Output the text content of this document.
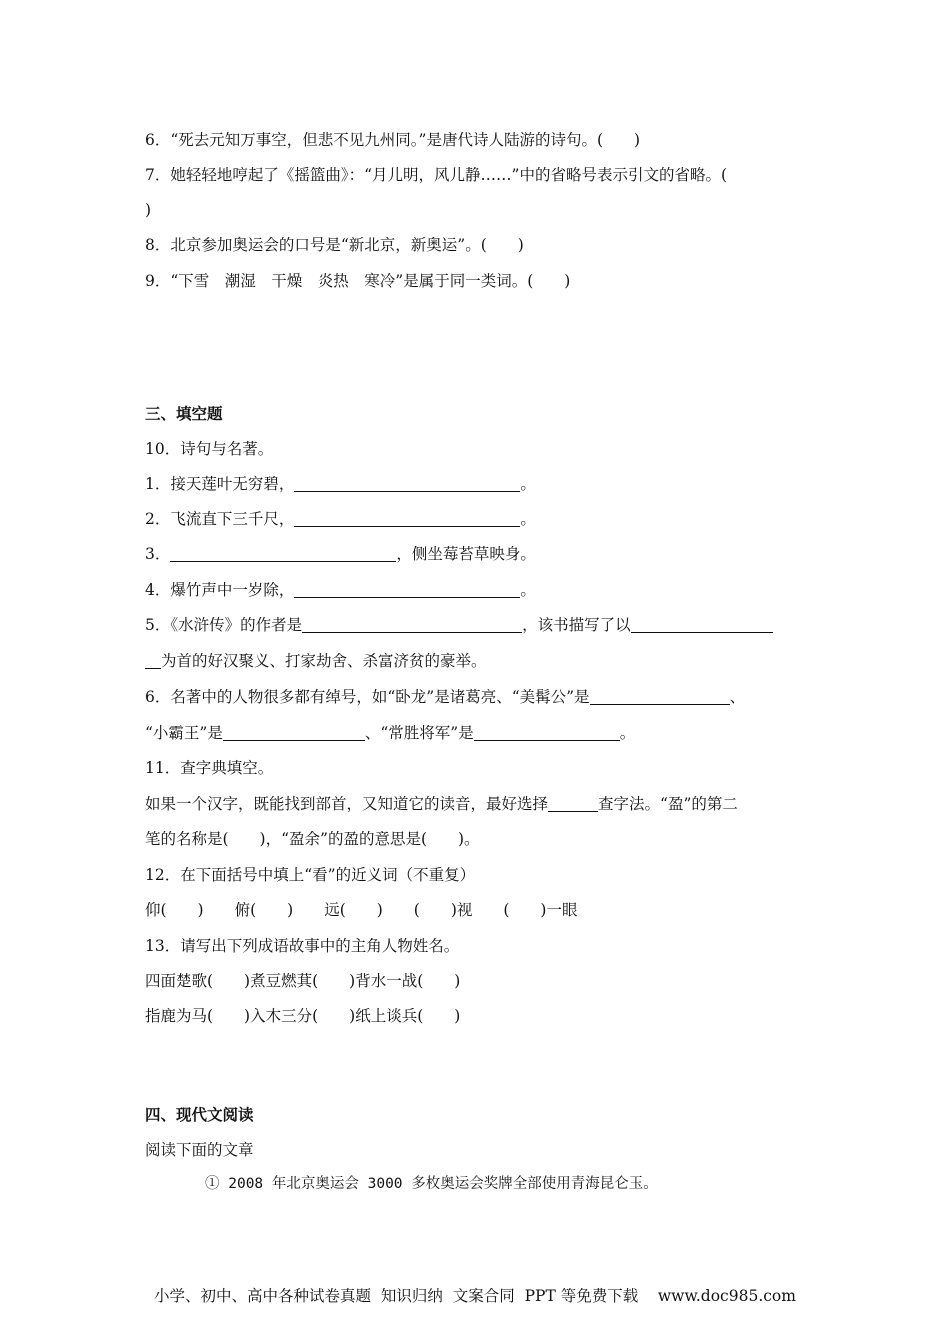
6．“死去元知万事空，但悲不见九州同。”是唐代诗人陆游的诗句。(　　)
7．她轻轻地哼起了《摇篮曲》：“月儿明，风儿静……”中的省略号表示引文的省略。(
)
8．北京参加奥运会的口号是“新北京，新奥运”。(　　)
9．“下雪　潮湿　干燥　炎热　寒冷”是属于同一类词。(　　)
三、填空题
10．诗句与名著。
1．接天莲叶无穷碧，	。
2．飞流直下三千尺，	。
3．	，侧坐莓苔草映身。
4．爆竹声中一岁除，	。
5．《水浒传》的作者是	，该书描写了以
为首的好汉聚义、打家劫舍、杀富济贫的豪举。
6．名著中的人物很多都有绰号，如“卧龙”是诸葛亮、“美髯公”是	、
“小霸王”是	、“常胜将军”是	。
11．查字典填空。
如果一个汉字，既能找到部首，又知道它的读音，最好选择	查字法。“盈”的第二
笔的名称是(　　)，“盈余”的盈的意思是(　　)。
12．在下面括号中填上“看”的近义词（不重复）
仰(　　)　　俯(　　)　　远(　　)　　(　　)视　　(　　)一眼
13．请写出下列成语故事中的主角人物姓名。
四面楚歌(　　)煮豆燃萁(　　)背水一战(　　)
指鹿为马(　　)入木三分(　　)纸上谈兵(　　)
四、现代文阅读
阅读下面的文章
① 2008 年北京奥运会 3000 多枚奥运会奖牌全部使用青海昆仑玉。
小学、初中、高中各种试卷真题  知识归纳  文案合同  PPT 等免费下载    www.doc985.com
